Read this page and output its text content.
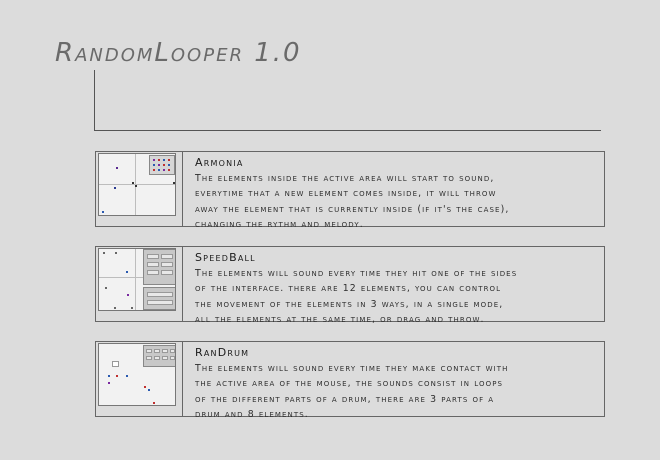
RandomLooper 1.0
Armonia
The elements inside the active area will start to sound,
everytime that a new element comes inside, it will throw
away the element that is currently inside (if it's the case),
changing the rythm and melody.
SpeedBall
The elements will sound every time they hit one of the sides
of the interface. there are 12 elements, you can control
the movement of the elements in 3 ways, in a single mode,
all the elements at the same time, or drag and throw.
RanDrum
The elements will sound every time they make contact with
the active area of the mouse, the sounds consist in loops
of the different parts of a drum, there are 3 parts of a
drum and 8 elements.
